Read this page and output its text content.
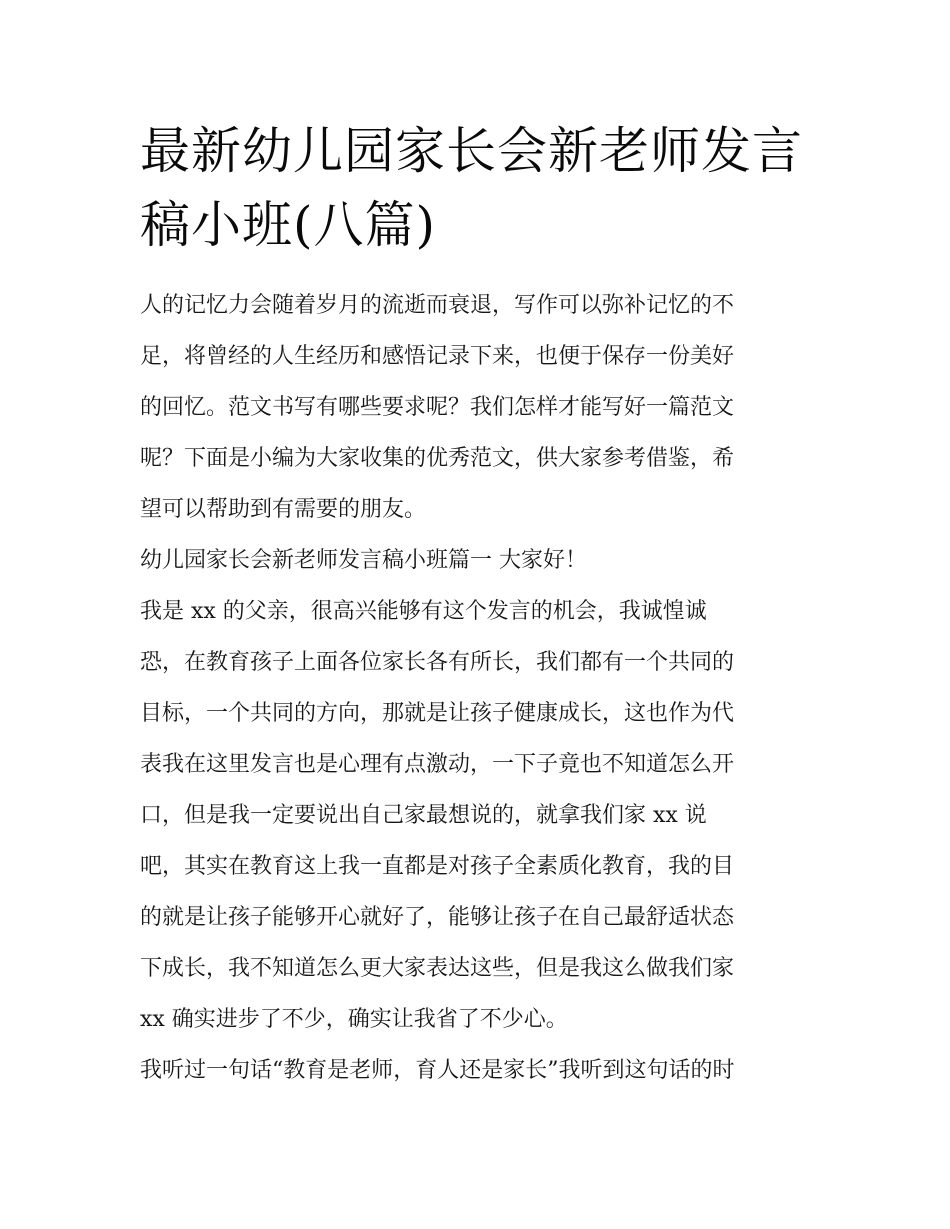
最新幼儿园家长会新老师发言
稿小班(八篇)
人的记忆力会随着岁月的流逝而衰退，写作可以弥补记忆的不
足，将曾经的人生经历和感悟记录下来，也便于保存一份美好
的回忆。范文书写有哪些要求呢？我们怎样才能写好一篇范文
呢？下面是小编为大家收集的优秀范文，供大家参考借鉴，希
望可以帮助到有需要的朋友。
幼儿园家长会新老师发言稿小班篇一 大家好！
我是 xx 的父亲，很高兴能够有这个发言的机会，我诚惶诚
恐，在教育孩子上面各位家长各有所长，我们都有一个共同的
目标，一个共同的方向，那就是让孩子健康成长，这也作为代
表我在这里发言也是心理有点激动，一下子竟也不知道怎么开
口，但是我一定要说出自己家最想说的，就拿我们家 xx 说
吧，其实在教育这上我一直都是对孩子全素质化教育，我的目
的就是让孩子能够开心就好了，能够让孩子在自己最舒适状态
下成长，我不知道怎么更大家表达这些，但是我这么做我们家
xx 确实进步了不少，确实让我省了不少心。
我听过一句话“教育是老师，育人还是家长”我听到这句话的时
